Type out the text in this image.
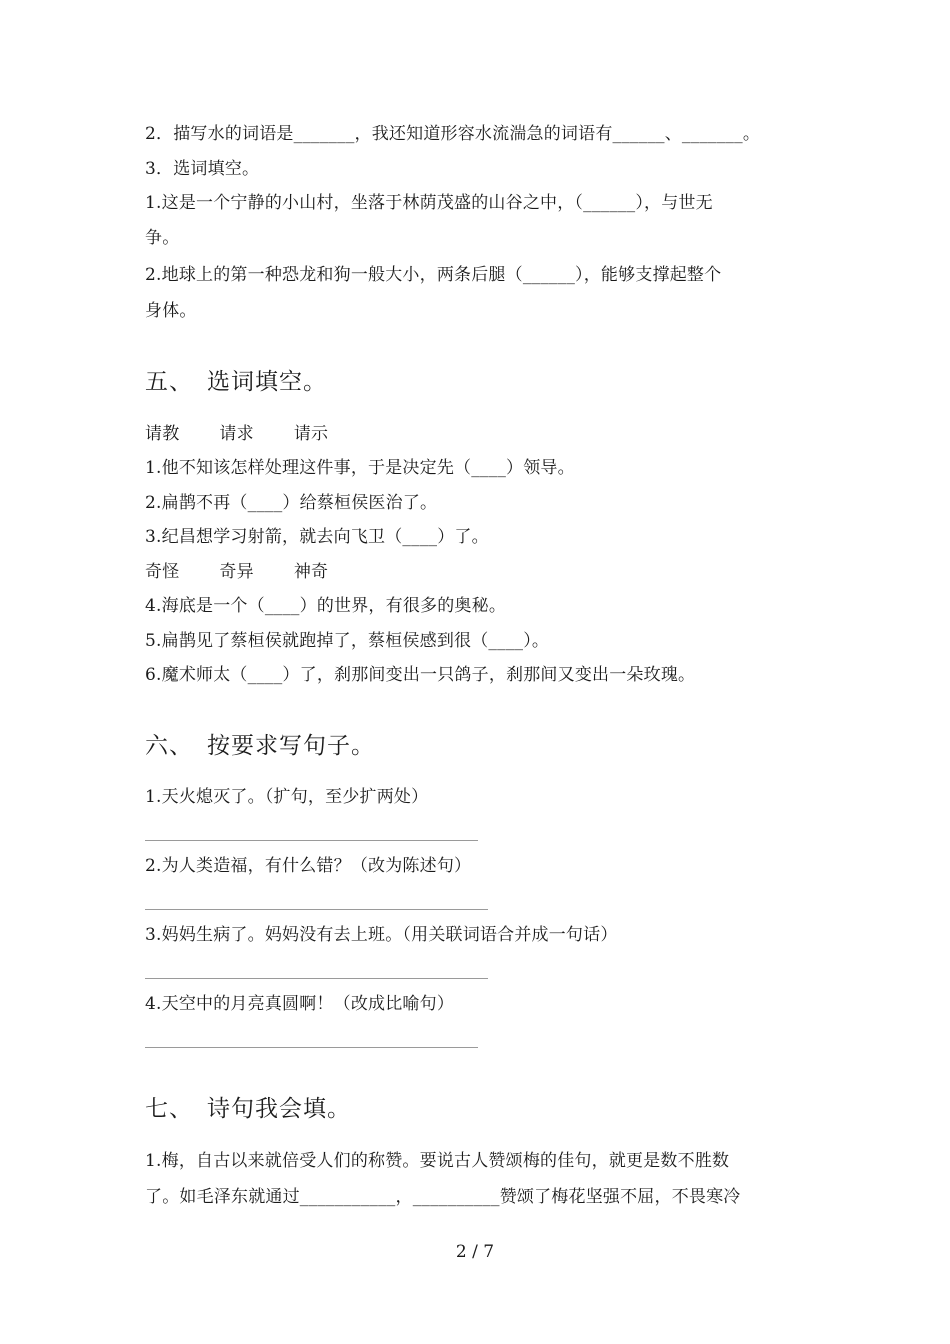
2．描写水的词语是_______，我还知道形容水流湍急的词语有______、_______。
3．选词填空。
1.这是一个宁静的小山村，坐落于林荫茂盛的山谷之中，（______），与世无
争。
2.地球上的第一种恐龙和狗一般大小，两条后腿（______），能够支撑起整个
身体。
五、 选词填空。
请教 请求 请示
1.他不知该怎样处理这件事，于是决定先（____）领导。
2.扁鹊不再（____）给蔡桓侯医治了。
3.纪昌想学习射箭，就去向飞卫（____）了。
奇怪 奇异 神奇
4.海底是一个（____）的世界，有很多的奥秘。
5.扁鹊见了蔡桓侯就跑掉了，蔡桓侯感到很（____）。
6.魔术师太（____）了，刹那间变出一只鸽子，刹那间又变出一朵玫瑰。
六、 按要求写句子。
1.天火熄灭了。（扩句，至少扩两处）
2.为人类造福，有什么错？（改为陈述句）
3.妈妈生病了。妈妈没有去上班。（用关联词语合并成一句话）
4.天空中的月亮真圆啊！（改成比喻句）
七、 诗句我会填。
1.梅，自古以来就倍受人们的称赞。要说古人赞颂梅的佳句，就更是数不胜数
了。如毛泽东就通过___________，__________赞颂了梅花坚强不屈，不畏寒冷
2 / 7
